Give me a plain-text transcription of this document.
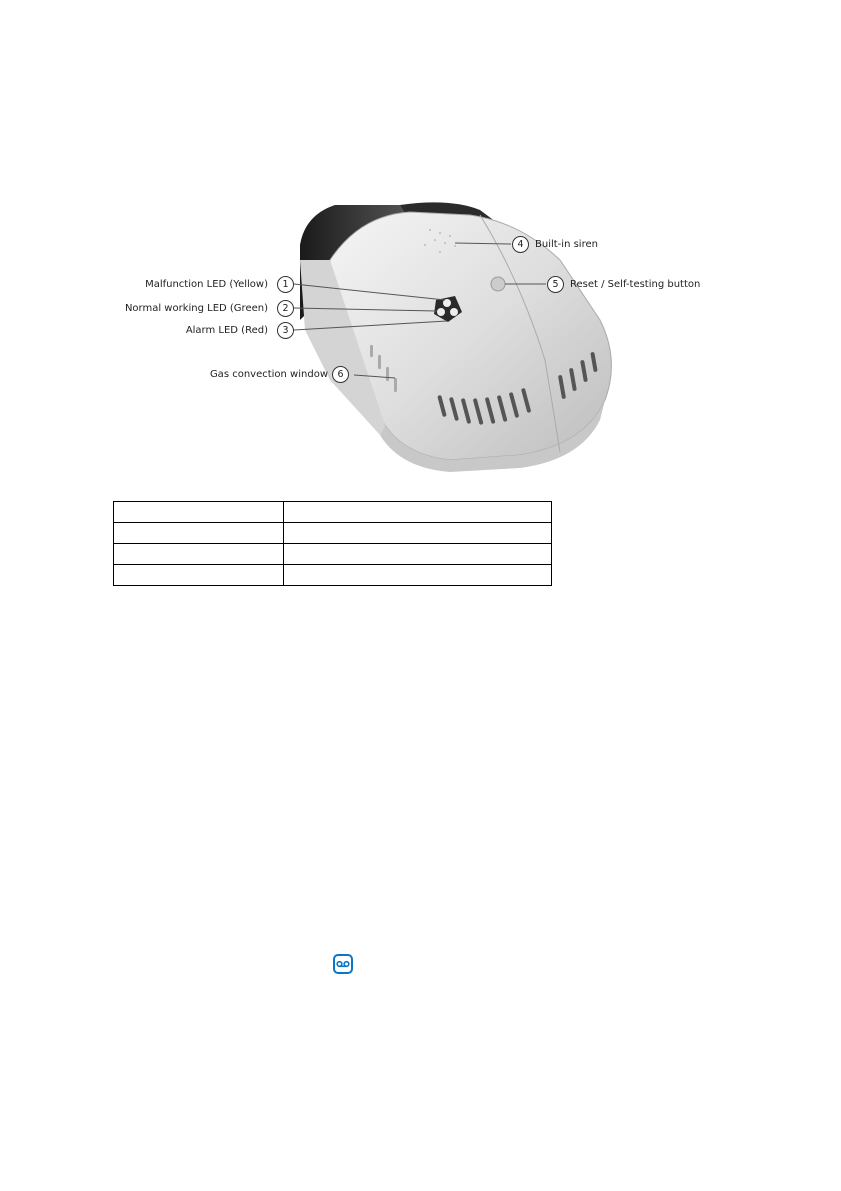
Malfunction LED (Yellow)	1
Normal working LED (Green)	2
Alarm LED (Red)	3
4	Built-in siren
5	Reset / Self-testing button
Gas convection window 6
